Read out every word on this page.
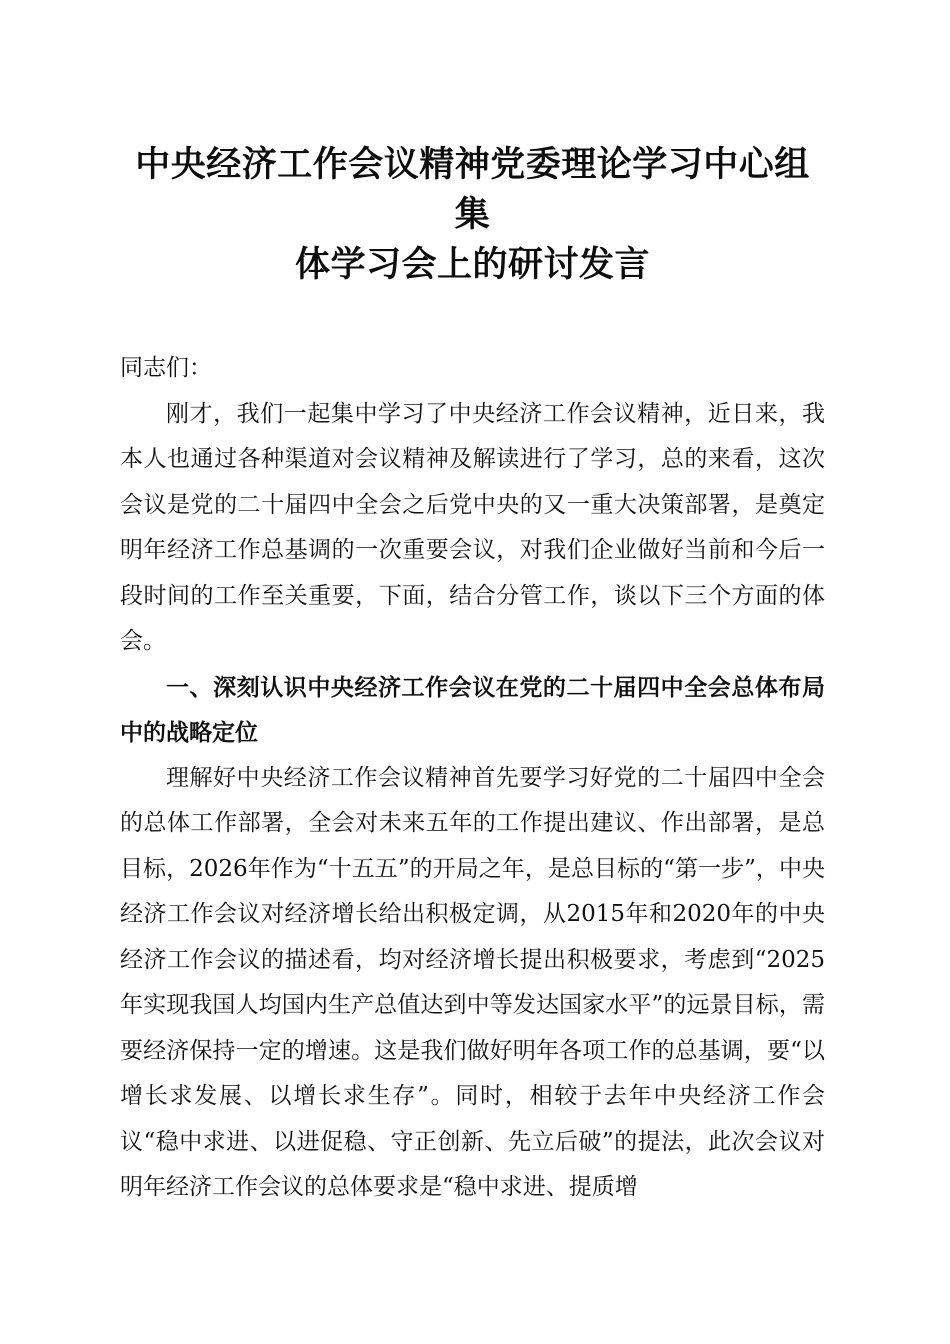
中央经济工作会议精神党委理论学习中心组集
体学习会上的研讨发言

同志们：

刚才，我们一起集中学习了中央经济工作会议精神，近日来，我本人也通过各种渠道对会议精神及解读进行了学习，总的来看，这次会议是党的二十届四中全会之后党中央的又一重大决策部署，是奠定明年经济工作总基调的一次重要会议，对我们企业做好当前和今后一段时间的工作至关重要，下面，结合分管工作，谈以下三个方面的体会。

一、深刻认识中央经济工作会议在党的二十届四中全会总体布局中的战略定位

理解好中央经济工作会议精神首先要学习好党的二十届四中全会的总体工作部署，全会对未来五年的工作提出建议、作出部署，是总目标，2026年作为“十五五”的开局之年，是总目标的“第一步”，中央经济工作会议对经济增长给出积极定调，从2015年和2020年的中央经济工作会议的描述看，均对经济增长提出积极要求，考虑到“2025年实现我国人均国内生产总值达到中等发达国家水平”的远景目标，需要经济保持一定的增速。这是我们做好明年各项工作的总基调，要“以增长求发展、以增长求生存”。同时，相较于去年中央经济工作会议“稳中求进、以进促稳、守正创新、先立后破”的提法，此次会议对明年经济工作会议的总体要求是“稳中求进、提质增
